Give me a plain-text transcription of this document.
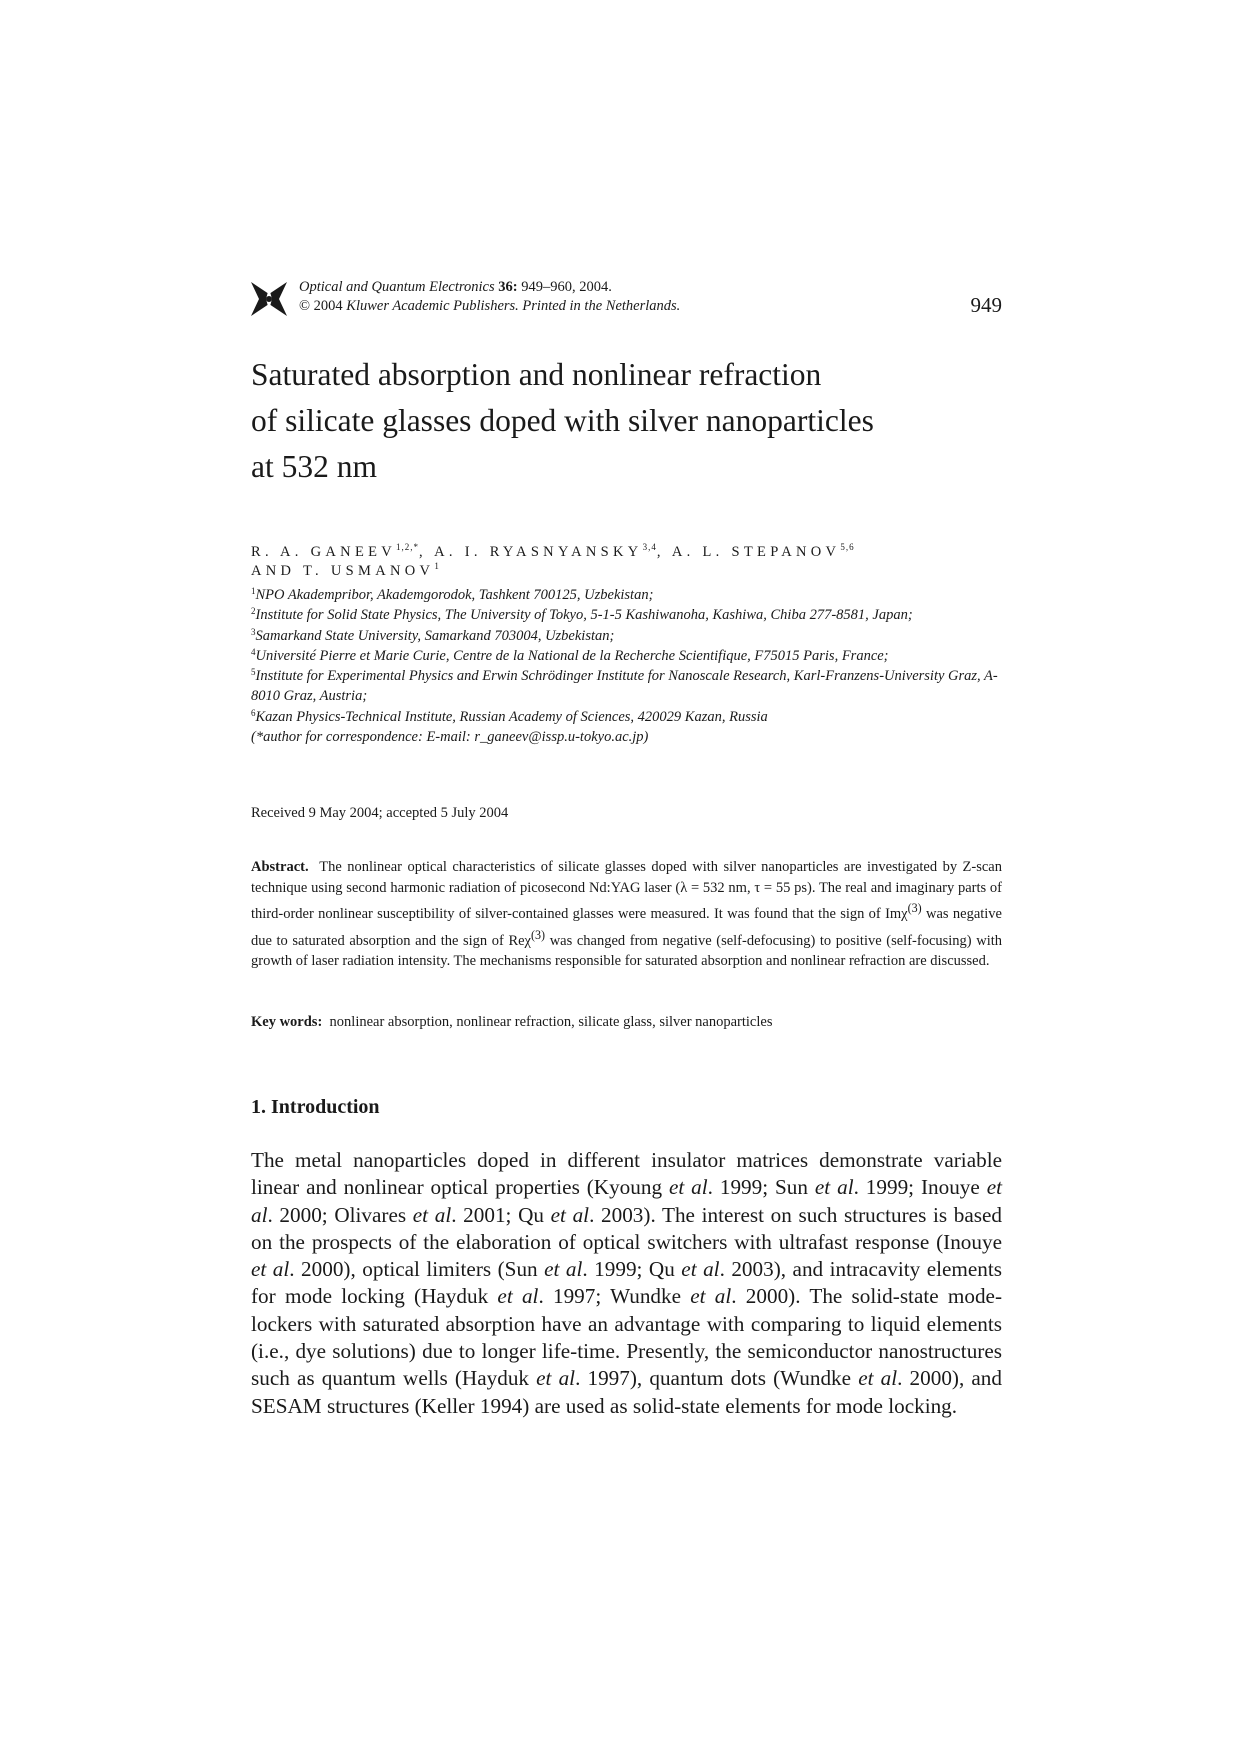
Optical and Quantum Electronics 36: 949–960, 2004.
© 2004 Kluwer Academic Publishers. Printed in the Netherlands.	949
Saturated absorption and nonlinear refraction
of silicate glasses doped with silver nanoparticles
at 532 nm
R. A. $GANEEV^{1,2,*}$, A. I. RYASNYANSKY$^{3,4}$, A. L. STEPANOV$^{5,6}$
AND T. USMANOV$^1$
$^1$NPO Akadempribor, Akademgorodok, Tashkent 700125, Uzbekistan;
$^2$Institute for Solid State Physics, The University of Tokyo, 5-1-5 Kashiwanoha, Kashiwa, Chiba 277-8581, Japan;
$^3$Samarkand State University, Samarkand 703004, Uzbekistan;
$^4$Université Pierre et Marie Curie, Centre de la National de la Recherche Scientifique, F75015 Paris, France;
$^5$Institute for Experimental Physics and Erwin Schrödinger Institute for Nanoscale Research, Karl-Franzens-University Graz, A-8010 Graz, Austria;
$^6$Kazan Physics-Technical Institute, Russian Academy of Sciences, 420029 Kazan, Russia
(*author for correspondence: E-mail: r_ganeev@issp.u-tokyo.ac.jp)
Received 9 May 2004; accepted 5 July 2004
Abstract. The nonlinear optical characteristics of silicate glasses doped with silver nanoparticles are investigated by Z-scan technique using second harmonic radiation of picosecond Nd:YAG laser (λ = 532 nm, τ = 55 ps). The real and imaginary parts of third-order nonlinear susceptibility of silver-contained glasses were measured. It was found that the sign of Imχ$^{(3)}$ was negative due to saturated absorption and the sign of Reχ$^{(3)}$ was changed from negative (self-defocusing) to positive (self-focusing) with growth of laser radiation intensity. The mechanisms responsible for saturated absorption and nonlinear refraction are discussed.
Key words: nonlinear absorption, nonlinear refraction, silicate glass, silver nanoparticles
1. Introduction

The metal nanoparticles doped in different insulator matrices demonstrate variable linear and nonlinear optical properties (Kyoung et al. 1999; Sun et al. 1999; Inouye et al. 2000; Olivares et al. 2001; Qu et al. 2003). The interest on such structures is based on the prospects of the elaboration of optical switchers with ultrafast response (Inouye et al. 2000), optical limiters (Sun et al. 1999; Qu et al. 2003), and intracavity elements for mode locking (Hayduk et al. 1997; Wundke et al. 2000). The solid-state mode-lockers with saturated absorption have an advantage with comparing to liquid elements (i.e., dye solutions) due to longer life-time. Presently, the semiconductor nanostructures such as quantum wells (Hayduk et al. 1997), quantum dots (Wundke et al. 2000), and SESAM structures (Keller 1994) are used as solid-state elements for mode locking.
